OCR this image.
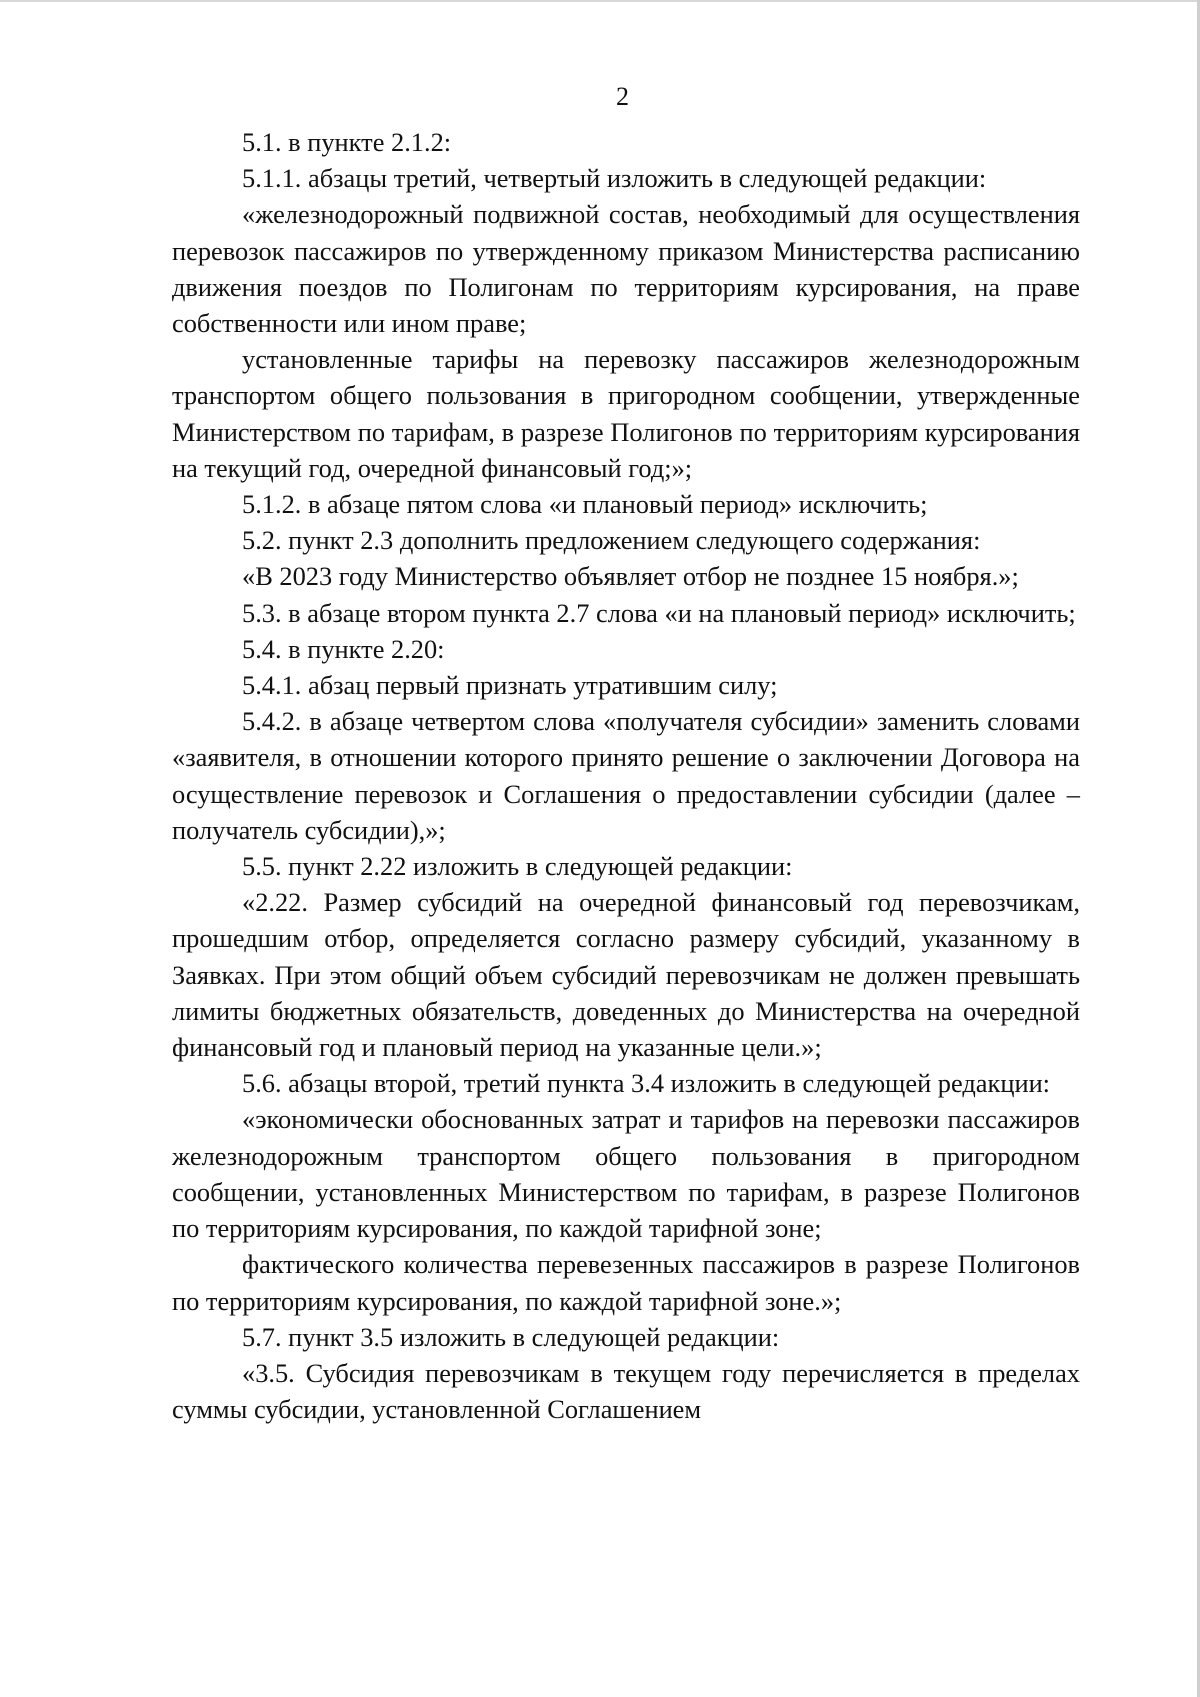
2

5.1. в пункте 2.1.2:

5.1.1. абзацы третий, четвертый изложить в следующей редакции:

«железнодорожный подвижной состав, необходимый для осуществления перевозок пассажиров по утвержденному приказом Министерства расписанию движения поездов по Полигонам по территориям курсирования, на праве собственности или ином праве;

установленные тарифы на перевозку пассажиров железнодорожным транспортом общего пользования в пригородном сообщении, утвержденные Министерством по тарифам, в разрезе Полигонов по территориям курсирования на текущий год, очередной финансовый год;»;

5.1.2. в абзаце пятом слова «и плановый период» исключить;

5.2. пункт 2.3 дополнить предложением следующего содержания:

«В 2023 году Министерство объявляет отбор не позднее 15 ноября.»;

5.3. в абзаце втором пункта 2.7 слова «и на плановый период» исключить;

5.4. в пункте 2.20:

5.4.1. абзац первый признать утратившим силу;

5.4.2. в абзаце четвертом слова «получателя субсидии» заменить словами «заявителя, в отношении которого принято решение о заключении Договора на осуществление перевозок и Соглашения о предоставлении субсидии (далее – получатель субсидии),»;

5.5. пункт 2.22 изложить в следующей редакции:

«2.22. Размер субсидий на очередной финансовый год перевозчикам, прошедшим отбор, определяется согласно размеру субсидий, указанному в Заявках. При этом общий объем субсидий перевозчикам не должен превышать лимиты бюджетных обязательств, доведенных до Министерства на очередной финансовый год и плановый период на указанные цели.»;

5.6. абзацы второй, третий пункта 3.4 изложить в следующей редакции:

«экономически обоснованных затрат и тарифов на перевозки пассажиров железнодорожным транспортом общего пользования в пригородном сообщении, установленных Министерством по тарифам, в разрезе Полигонов по территориям курсирования, по каждой тарифной зоне;

фактического количества перевезенных пассажиров в разрезе Полигонов по территориям курсирования, по каждой тарифной зоне.»;

5.7. пункт 3.5 изложить в следующей редакции:

«3.5. Субсидия перевозчикам в текущем году перечисляется в пределах суммы субсидии, установленной Соглашением
